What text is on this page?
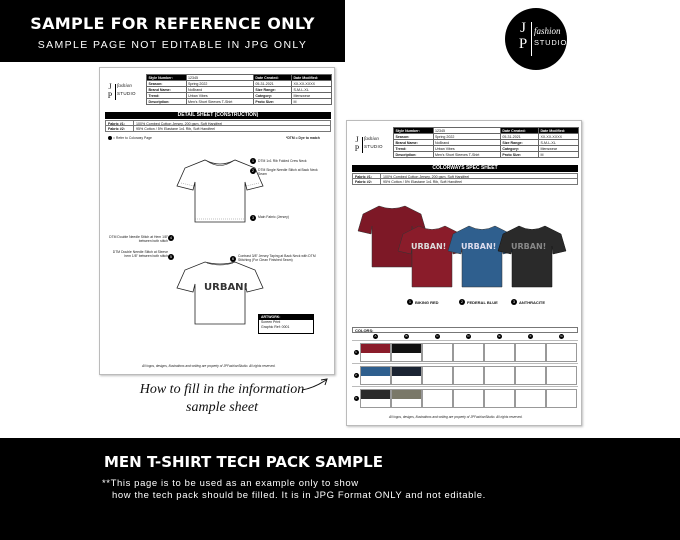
SAMPLE FOR REFERENCE ONLY
SAMPLE PAGE NOT EDITABLE IN JPG ONLY
J
P
fashion
STUDIO
J
P
fashion
STUDIO
Style Number:	12345	Date Created:	Date Modified:
Season:	Spring 2022	05-31-2021	XX-XX-XXXX
Brand Name:	NoBrand	Size Range:	S-M-L-XL
Trend:	Urban Vibes	Category:	Menswear
Description:	Men's Short Sleeves T-Shirt	Proto Size:	M
DETAIL SHEET (CONSTRUCTION)
Fabric #1:	100% Combed Cotton Jersey, 200 gsm, Soft Handfeel
Fabric #2:	95% Cotton / 5% Elastane 1x1 Rib, Soft Handfeel
= Refer to Colorway Page	*DTM = Dye to match
URBAN!
1	DTM 1x1 Rib Folded Crew Neck
2	DTM Single Needle Stitch at Back Neck Seam
3	Main Fabric (Jersey)
4
DTM Double Needle Stitch at Hem 1/8" between both stitch
5
DTM Double Needle Stitch at Sleeve hem 1/8" between both stitch
6
Contrast 3/8" Jersey Taping at Back Neck with DTM Stitching (For Clean Finished Seam)
ARTWORK:
Screen Print
Graphic Ref: 0001
All logos, designs, illustrations and writing are property of JPFashionStudio. All rights reserved.
J
P
fashion
STUDIO
Style Number:	12345	Date Created:	Date Modified:
Season:	Spring 2022	05-31-2021	XX-XX-XXXX
Brand Name:	NoBrand	Size Range:	S-M-L-XL
Trend:	Urban Vibes	Category:	Menswear
Description:	Men's Short Sleeves T-Shirt	Proto Size:	M
COLORWAYS SPEC SHEET
Fabric #1:	100% Combed Cotton Jersey, 200 gsm, Soft Handfeel
Fabric #2:	95% Cotton / 5% Elastane 1x1 Rib, Soft Handfeel
URBAN! URBAN! URBAN!
1	BIKING RED	2	FEDERAL BLUE	3	ANTHRACITE
COLORS:
A	B	C	D	E	F	G
1
2
3
All logos, designs, illustrations and writing are property of JPFashionStudio. All rights reserved.
How to fill in the information
sample sheet
MEN T-SHIRT TECH PACK SAMPLE
**This page is to be used as an example only to show
how the tech pack should be filled. It is in JPG Format ONLY and not editable.
